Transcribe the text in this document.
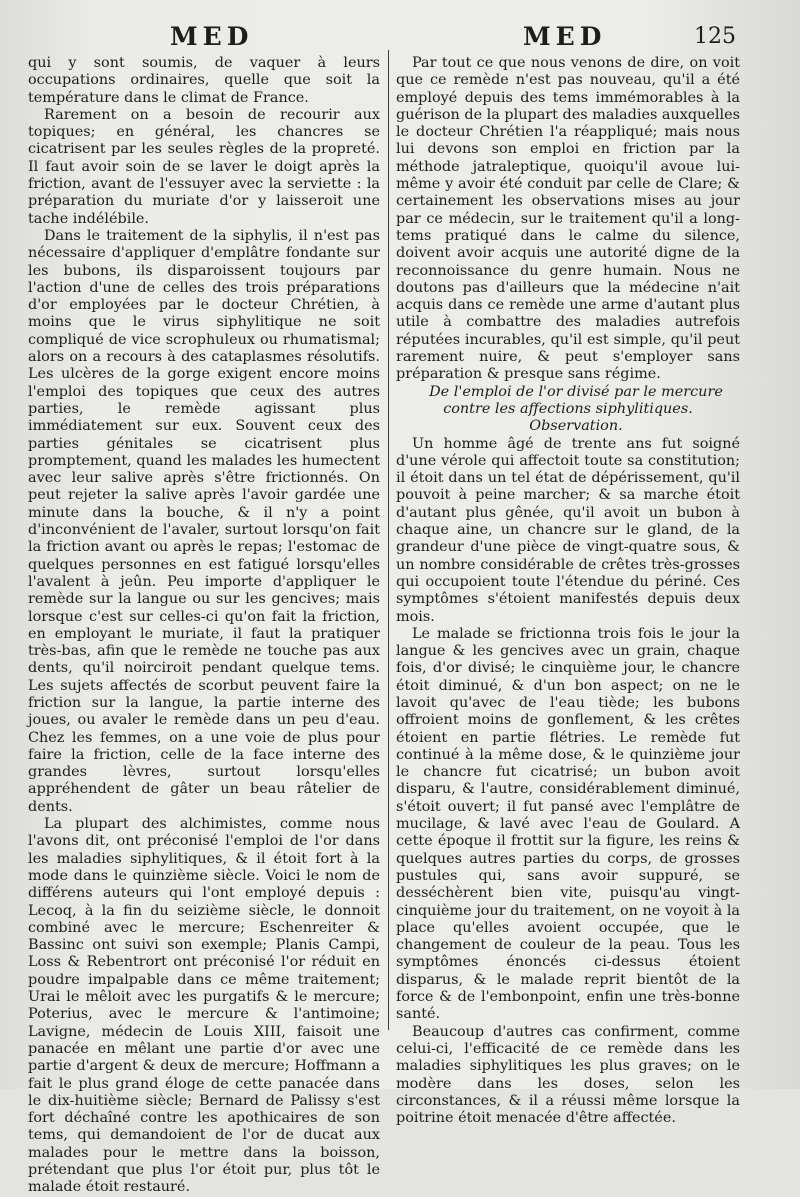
MED	MED	125

qui y sont soumis, de vaquer à leurs occupations ordinaires, quelle que soit la température dans le climat de France.

Rarement on a besoin de recourir aux topiques; en général, les chancres se cicatrisent par les seules règles de la propreté. Il faut avoir soin de se laver le doigt après la friction, avant de l'essuyer avec la serviette : la préparation du muriate d'or y laisseroit une tache indélébile.

Dans le traitement de la siphylis, il n'est pas nécessaire d'appliquer d'emplâtre fondante sur les bubons, ils disparoissent toujours par l'action d'une de celles des trois préparations d'or employées par le docteur Chrétien, à moins que le virus siphylitique ne soit compliqué de vice scrophuleux ou rhumatismal; alors on a recours à des cataplasmes résolutifs. Les ulcères de la gorge exigent encore moins l'emploi des topiques que ceux des autres parties, le remède agissant plus immédiatement sur eux. Souvent ceux des parties génitales se cicatrisent plus promptement, quand les malades les humectent avec leur salive après s'être frictionnés. On peut rejeter la salive après l'avoir gardée une minute dans la bouche, & il n'y a point d'inconvénient de l'avaler, surtout lorsqu'on fait la friction avant ou après le repas; l'estomac de quelques personnes en est fatigué lorsqu'elles l'avalent à jeûn. Peu importe d'appliquer le remède sur la langue ou sur les gencives; mais lorsque c'est sur celles-ci qu'on fait la friction, en employant le muriate, il faut la pratiquer très-bas, afin que le remède ne touche pas aux dents, qu'il noirciroit pendant quelque tems. Les sujets affectés de scorbut peuvent faire la friction sur la langue, la partie interne des joues, ou avaler le remède dans un peu d'eau. Chez les femmes, on a une voie de plus pour faire la friction, celle de la face interne des grandes lèvres, surtout lorsqu'elles appréhendent de gâter un beau râtelier de dents.

La plupart des alchimistes, comme nous l'avons dit, ont préconisé l'emploi de l'or dans les maladies siphylitiques, & il étoit fort à la mode dans le quinzième siècle. Voici le nom de différens auteurs qui l'ont employé depuis : Lecoq, à la fin du seizième siècle, le donnoit combiné avec le mercure; Eschenreiter & Bassinc ont suivi son exemple; Planis Campi, Loss & Rebentrort ont préconisé l'or réduit en poudre impalpable dans ce même traitement; Urai le mêloit avec les purgatifs & le mercure; Poterius, avec le mercure & l'antimoine; Lavigne, médecin de Louis XIII, faisoit une panacée en mêlant une partie d'or avec une partie d'argent & deux de mercure; Hoffmann a fait le plus grand éloge de cette panacée dans le dix-huitième siècle; Bernard de Palissy s'est fort déchaîné contre les apothicaires de son tems, qui demandoient de l'or de ducat aux malades pour le mettre dans la boisson, prétendant que plus l'or étoit pur, plus tôt le malade étoit restauré.

Par tout ce que nous venons de dire, on voit que ce remède n'est pas nouveau, qu'il a été employé depuis des tems immémorables à la guérison de la plupart des maladies auxquelles le docteur Chrétien l'a réappliqué; mais nous lui devons son emploi en friction par la méthode jatraleptique, quoiqu'il avoue lui-même y avoir été conduit par celle de Clare; & certainement les observations mises au jour par ce médecin, sur le traitement qu'il a long-tems pratiqué dans le calme du silence, doivent avoir acquis une autorité digne de la reconnoissance du genre humain. Nous ne doutons pas d'ailleurs que la médecine n'ait acquis dans ce remède une arme d'autant plus utile à combattre des maladies autrefois réputées incurables, qu'il est simple, qu'il peut rarement nuire, & peut s'employer sans préparation & presque sans régime.

De l'emploi de l'or divisé par le mercure contre les affections siphylitiques.

Observation.

Un homme âgé de trente ans fut soigné d'une vérole qui affectoit toute sa constitution; il étoit dans un tel état de dépérissement, qu'il pouvoit à peine marcher; & sa marche étoit d'autant plus gênée, qu'il avoit un bubon à chaque aine, un chancre sur le gland, de la grandeur d'une pièce de vingt-quatre sous, & un nombre considérable de crêtes très-grosses qui occupoient toute l'étendue du périné. Ces symptômes s'étoient manifestés depuis deux mois.

Le malade se frictionna trois fois le jour la langue & les gencives avec un grain, chaque fois, d'or divisé; le cinquième jour, le chancre étoit diminué, & d'un bon aspect; on ne le lavoit qu'avec de l'eau tiède; les bubons offroient moins de gonflement, & les crêtes étoient en partie flétries. Le remède fut continué à la même dose, & le quinzième jour le chancre fut cicatrisé; un bubon avoit disparu, & l'autre, considérablement diminué, s'étoit ouvert; il fut pansé avec l'emplâtre de mucilage, & lavé avec l'eau de Goulard. A cette époque il frottit sur la figure, les reins & quelques autres parties du corps, de grosses pustules qui, sans avoir suppuré, se desséchèrent bien vite, puisqu'au vingt-cinquième jour du traitement, on ne voyoit à la place qu'elles avoient occupée, que le changement de couleur de la peau. Tous les symptômes énoncés ci-dessus étoient disparus, & le malade reprit bientôt de la force & de l'embonpoint, enfin une très-bonne santé.

Beaucoup d'autres cas confirment, comme celui-ci, l'efficacité de ce remède dans les maladies siphylitiques les plus graves; on le modère dans les doses, selon les circonstances, & il a réussi même lorsque la poitrine étoit menacée d'être affectée.
